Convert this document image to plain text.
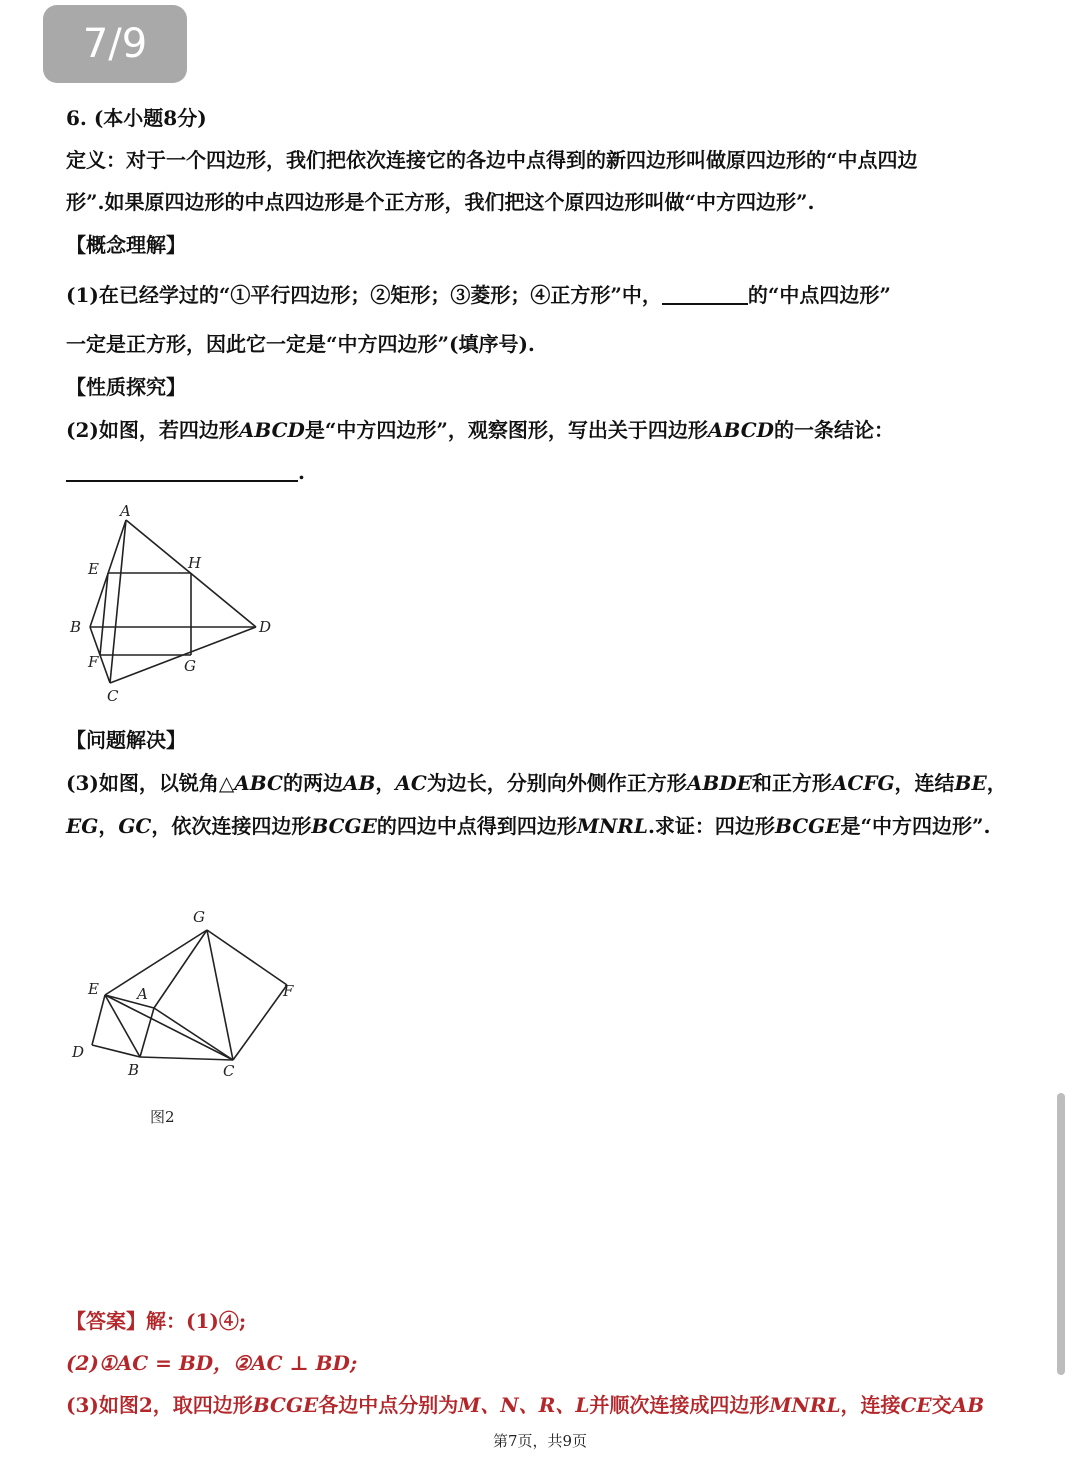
7/9
6. (本小题8分)
定义：对于一个四边形，我们把依次连接它的各边中点得到的新四边形叫做原四边形的“中点四边
形”.如果原四边形的中点四边形是个正方形，我们把这个原四边形叫做“中方四边形”.
【概念理解】
(1)在已经学过的“①平行四边形；②矩形；③菱形；④正方形”中，	的“中点四边形”
一定是正方形，因此它一定是“中方四边形”(填序号).
【性质探究】
(2)如图，若四边形ABCD是“中方四边形”，观察图形，写出关于四边形ABCD的一条结论：
.
A
E	H
B	D
F	G
C
【问题解决】
(3)如图，以锐角△ABC的两边AB，AC为边长，分别向外侧作正方形ABDE和正方形ACFG，连结BE，
EG，GC，依次连接四边形BCGE的四边中点得到四边形MNRL.求证：四边形BCGE是“中方四边形”.
G
E	A	F
D
B	C
图2
【答案】解：(1)④;
(2)①AC = BD，②AC ⊥ BD;
(3)如图2，取四边形BCGE各边中点分别为M、N、R、L并顺次连接成四边形MNRL，连接CE交AB
第7页，共9页
